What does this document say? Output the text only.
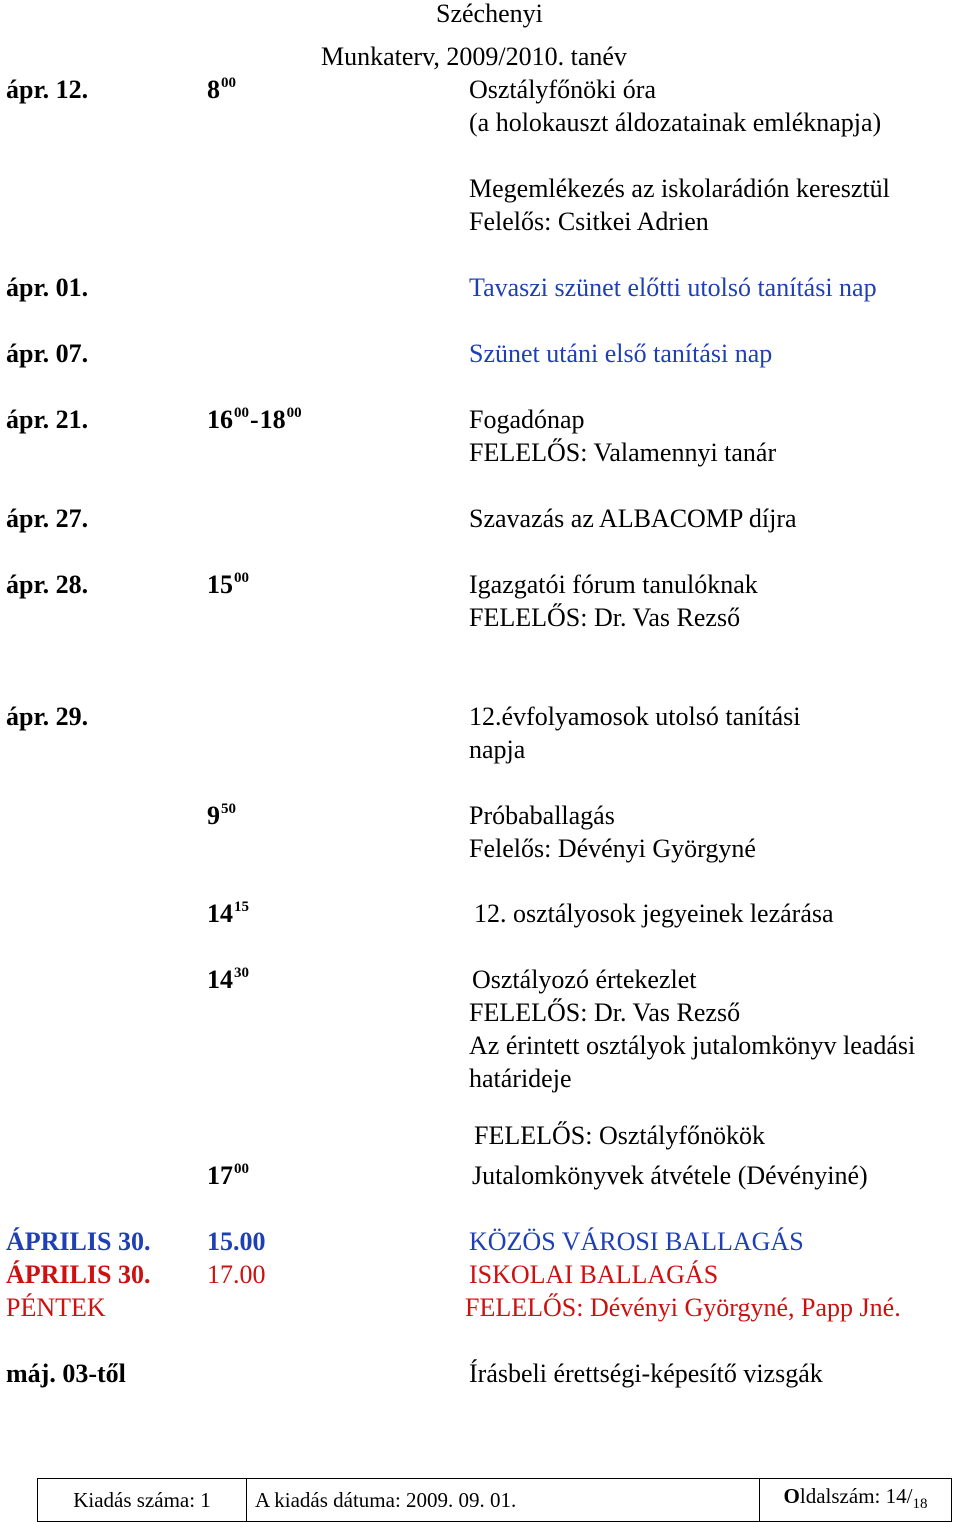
Széchenyi
Munkaterv, 2009/2010. tanév
ápr. 12.	$8^{00}$	Osztályfőnöki óra
(a holokauszt áldozatainak emléknapja)
Megemlékezés az iskolarádión keresztül
Felelős: Csitkei Adrien
ápr. 01.	Tavaszi szünet előtti utolsó tanítási nap
ápr. 07.	Szünet utáni első tanítási nap
ápr. 21.	$16^{00}-18^{00}$	Fogadónap
FELELŐS: Valamennyi tanár
ápr. 27.	Szavazás az ALBACOMP díjra
ápr. 28.	$15^{00}$	Igazgatói fórum tanulóknak
FELELŐS: Dr. Vas Rezső
ápr. 29.	12.évfolyamosok utolsó tanítási
napja
$9^{50}$	Próbaballagás
Felelős: Dévényi Györgyné
$14^{15}$	12. osztályosok jegyeinek lezárása
$14^{30}$	Osztályozó értekezlet
FELELŐS: Dr. Vas Rezső
Az érintett osztályok jutalomkönyv leadási
határideje
FELELŐS: Osztályfőnökök
$17^{00}$	Jutalomkönyvek átvétele (Dévényiné)
ÁPRILIS 30. 15.00	KÖZÖS VÁROSI BALLAGÁS
ÁPRILIS 30. 17.00	ISKOLAI BALLAGÁS
PÉNTEK	FELELŐS: Dévényi Györgyné, Papp Jné.
máj. 03-től	Írásbeli érettségi-képesítő vizsgák
Kiadás száma: 1	A kiadás dátuma: 2009. 09. 01.	Oldalszám: $14/_{18}$
